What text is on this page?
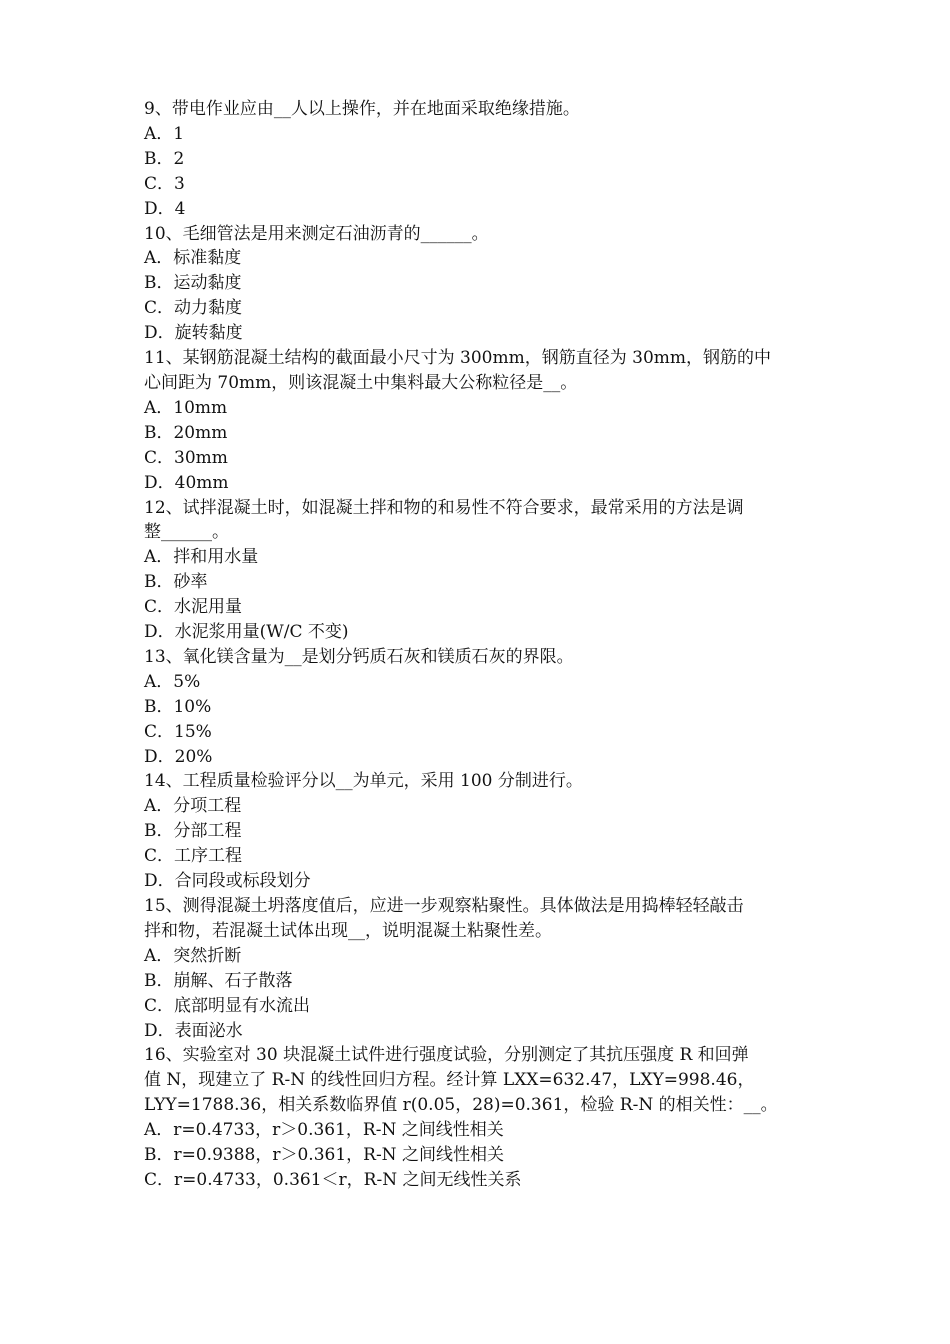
9、带电作业应由__人以上操作，并在地面采取绝缘措施。
A．1
B．2
C．3
D．4
10、毛细管法是用来测定石油沥青的______。
A．标准黏度
B．运动黏度
C．动力黏度
D．旋转黏度
11、某钢筋混凝土结构的截面最小尺寸为 300mm，钢筋直径为 30mm，钢筋的中
心间距为 70mm，则该混凝土中集料最大公称粒径是__。
A．10mm
B．20mm
C．30mm
D．40mm
12、试拌混凝土时，如混凝土拌和物的和易性不符合要求，最常采用的方法是调
整______。
A．拌和用水量
B．砂率
C．水泥用量
D．水泥浆用量(W/C 不变)
13、氧化镁含量为__是划分钙质石灰和镁质石灰的界限。
A．5%
B．10%
C．15%
D．20%
14、工程质量检验评分以__为单元，采用 100 分制进行。
A．分项工程
B．分部工程
C．工序工程
D．合同段或标段划分
15、测得混凝土坍落度值后，应进一步观察粘聚性。具体做法是用捣棒轻轻敲击
拌和物，若混凝土试体出现__，说明混凝土粘聚性差。
A．突然折断
B．崩解、石子散落
C．底部明显有水流出
D．表面泌水
16、实验室对 30 块混凝土试件进行强度试验，分别测定了其抗压强度 R 和回弹
值 N，现建立了 R-N 的线性回归方程。经计算 LXX=632.47，LXY=998.46，
LYY=1788.36，相关系数临界值 r(0.05，28)=0.361，检验 R-N 的相关性：__。
A．r=0.4733，r＞0.361，R-N 之间线性相关
B．r=0.9388，r＞0.361，R-N 之间线性相关
C．r=0.4733，0.361＜r，R-N 之间无线性关系
